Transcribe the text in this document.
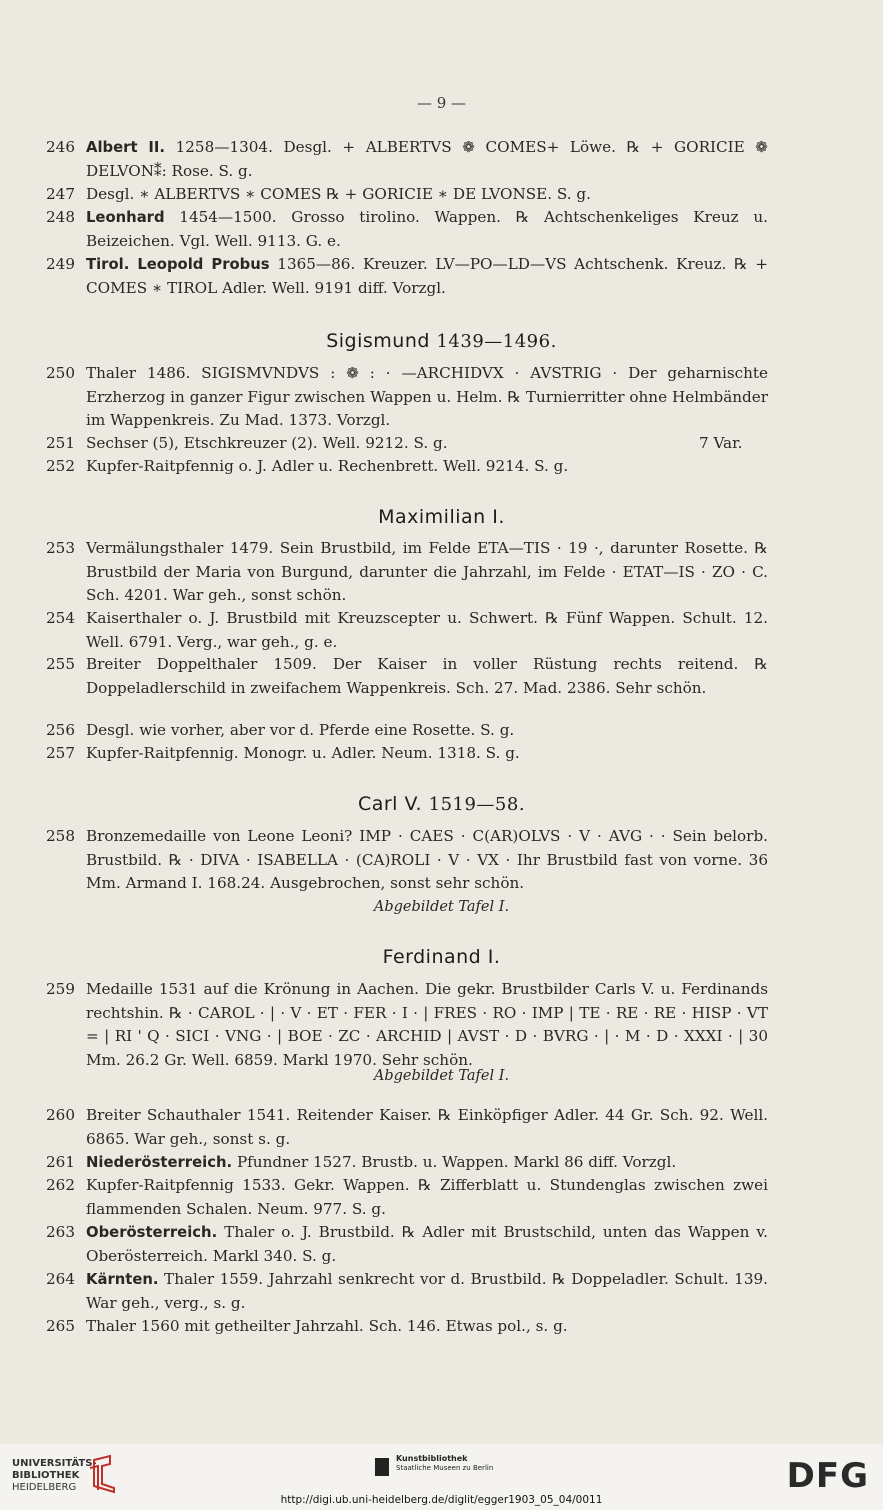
— 9 —
246 Albert II. 1258—1304. Desgl. + ALBERTVS ❁ COMES+ Löwe. ℞ + GORICIE ❁ DELVON⁑: Rose. S. g.
247 Desgl. ∗ ALBERTVS ∗ COMES ℞ + GORICIE ∗ DE LVONSE. S. g.
248 Leonhard 1454—1500. Grosso tirolino. Wappen. ℞ Achtschenkeliges Kreuz u. Beizeichen. Vgl. Well. 9113. G. e.
249 Tirol. Leopold Probus 1365—86. Kreuzer. LV—PO—LD—VS Achtschenk. Kreuz. ℞ + COMES ∗ TIROL Adler. Well. 9191 diff. Vorzgl.
Sigismund 1439—1496.
250 Thaler 1486. SIGISMVNDVS : ❁ : · —ARCHIDVX · AVSTRIG · Der geharnischte Erzherzog in ganzer Figur zwischen Wappen u. Helm. ℞ Turnierritter ohne Helmbänder im Wappenkreis. Zu Mad. 1373. Vorzgl.
251 Sechser (5), Etschkreuzer (2). Well. 9212. S. g.	7 Var.
252 Kupfer-Raitpfennig o. J. Adler u. Rechenbrett. Well. 9214. S. g.
Maximilian I.
253 Vermälungsthaler 1479. Sein Brustbild, im Felde ETA—TIS · 19 ·, darunter Rosette. ℞ Brustbild der Maria von Burgund, darunter die Jahrzahl, im Felde · ETAT—IS · ZO · C. Sch. 4201. War geh., sonst schön.
254 Kaiserthaler o. J. Brustbild mit Kreuzscepter u. Schwert. ℞ Fünf Wappen. Schult. 12. Well. 6791. Verg., war geh., g. e.
255 Breiter Doppelthaler 1509. Der Kaiser in voller Rüstung rechts reitend. ℞ Doppeladlerschild in zweifachem Wappenkreis. Sch. 27. Mad. 2386. Sehr schön.
256 Desgl. wie vorher, aber vor d. Pferde eine Rosette. S. g.
257 Kupfer-Raitpfennig. Monogr. u. Adler. Neum. 1318. S. g.
Carl V. 1519—58.
258 Bronzemedaille von Leone Leoni? IMP · CAES · C(AR)OLVS · V · AVG · · Sein belorb. Brustbild. ℞ · DIVA · ISABELLA · (CA)ROLI · V · VX · Ihr Brustbild fast von vorne. 36 Mm. Armand I. 168.24. Ausgebrochen, sonst sehr schön.
Abgebildet Tafel I.
Ferdinand I.
259 Medaille 1531 auf die Krönung in Aachen. Die gekr. Brustbilder Carls V. u. Ferdinands rechtshin. ℞ · CAROL · | · V · ET · FER · I · | FRES · RO · IMP | TE · RE · RE · HISP · VT = | RI ' Q · SICI · VNG · | BOE · ZC · ARCHID | AVST · D · BVRG · | · M · D · XXXI · | 30 Mm. 26.2 Gr. Well. 6859. Markl 1970. Sehr schön.
Abgebildet Tafel I.
260 Breiter Schauthaler 1541. Reitender Kaiser. ℞ Einköpfiger Adler. 44 Gr. Sch. 92. Well. 6865. War geh., sonst s. g.
261 Niederösterreich. Pfundner 1527. Brustb. u. Wappen. Markl 86 diff. Vorzgl.
262 Kupfer-Raitpfennig 1533. Gekr. Wappen. ℞ Zifferblatt u. Stundenglas zwischen zwei flammenden Schalen. Neum. 977. S. g.
263 Oberösterreich. Thaler o. J. Brustbild. ℞ Adler mit Brustschild, unten das Wappen v. Oberösterreich. Markl 340. S. g.
264 Kärnten. Thaler 1559. Jahrzahl senkrecht vor d. Brustbild. ℞ Doppeladler. Schult. 139. War geh., verg., s. g.
265 Thaler 1560 mit getheilter Jahrzahl. Sch. 146. Etwas pol., s. g.
UNIVERSITÄTS-
BIBLIOTHEK
HEIDELBERG
Kunstbibliothek
Staatliche Museen zu Berlin	DFG
http://digi.ub.uni-heidelberg.de/diglit/egger1903_05_04/0011
